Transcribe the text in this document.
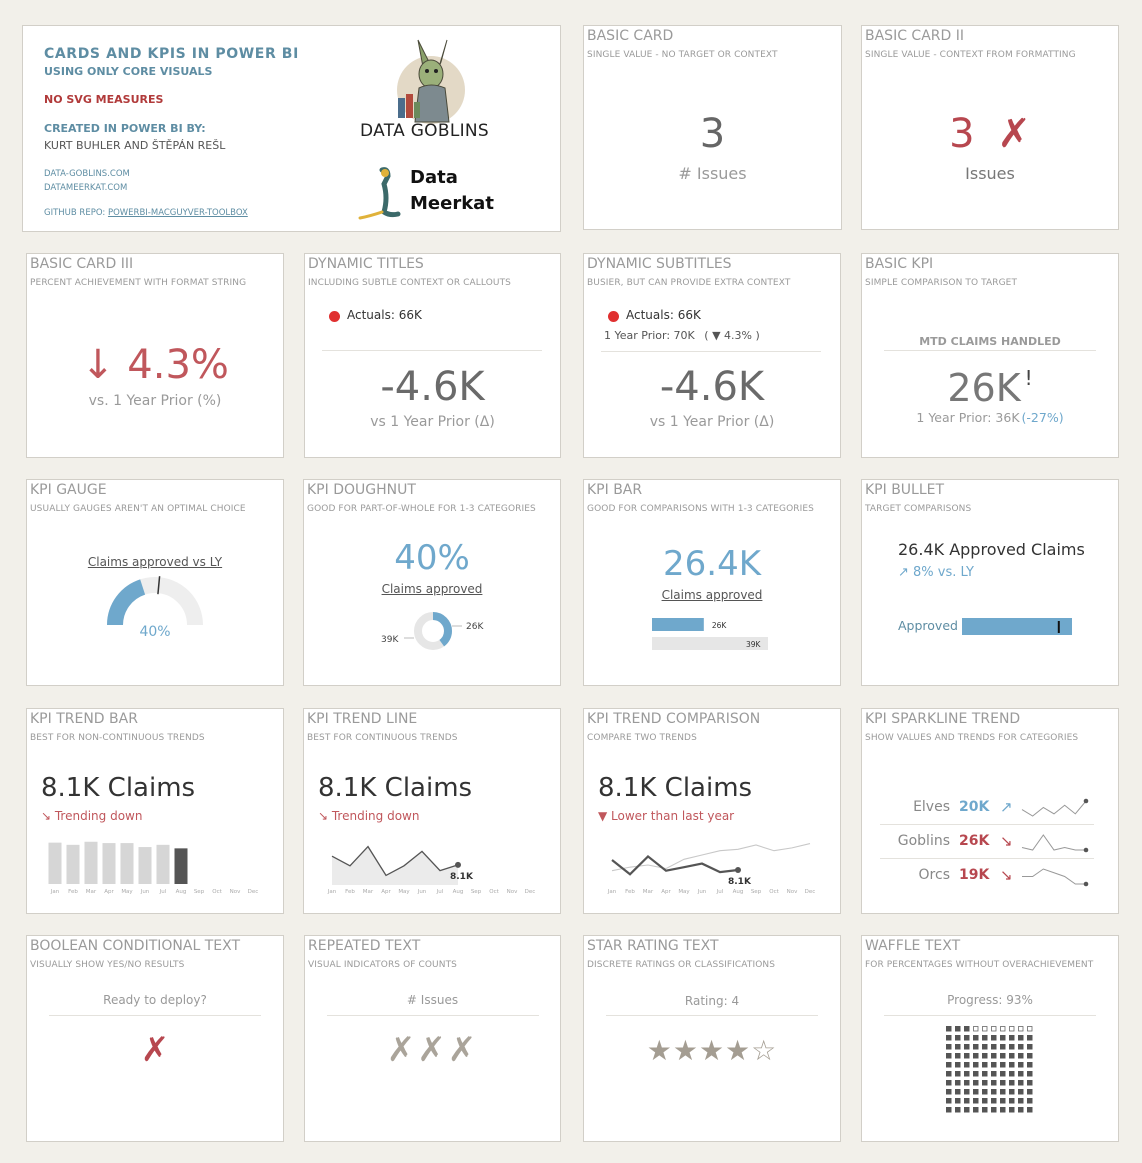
CARDS AND KPIS IN POWER BI
USING ONLY CORE VISUALS
NO SVG MEASURES
CREATED IN POWER BI BY:
KURT BUHLER AND ŠTĚPÁN REŠL
DATA-GOBLINS.COM
DATAMEERKAT.COM
GITHUB REPO: POWERBI-MACGUYVER-TOOLBOX
DATA GOBLINS
Data
Meerkat
BASIC CARD
SINGLE VALUE - NO TARGET OR CONTEXT
3
# Issues
BASIC CARD II
SINGLE VALUE - CONTEXT FROM FORMATTING
3 ✗
Issues
BASIC CARD III
PERCENT ACHIEVEMENT WITH FORMAT STRING
↓ 4.3%
vs. 1 Year Prior (%)
DYNAMIC TITLES
INCLUDING SUBTLE CONTEXT OR CALLOUTS
Actuals: 66K
-4.6K
vs 1 Year Prior (Δ)
DYNAMIC SUBTITLES
BUSIER, BUT CAN PROVIDE EXTRA CONTEXT
Actuals: 66K
1 Year Prior: 70K ( ▼ 4.3% )
-4.6K
vs 1 Year Prior (Δ)
BASIC KPI
SIMPLE COMPARISON TO TARGET
MTD CLAIMS HANDLED
26K !
1 Year Prior: 36K (-27%)
KPI GAUGE
USUALLY GAUGES AREN'T AN OPTIMAL CHOICE
Claims approved vs LY
40%
KPI DOUGHNUT
GOOD FOR PART-OF-WHOLE FOR 1-3 CATEGORIES
40%
Claims approved
26K
39K
KPI BAR
GOOD FOR COMPARISONS WITH 1-3 CATEGORIES
26.4K
Claims approved
26K
39K
KPI BULLET
TARGET COMPARISONS
26.4K Approved Claims
↗ 8% vs. LY
Approved
KPI TREND BAR
BEST FOR NON-CONTINUOUS TRENDS
8.1K Claims
↘ Trending down
Jan Feb Mar Apr May Jun Jul Aug Sep Oct Nov Dec
KPI TREND LINE
BEST FOR CONTINUOUS TRENDS
8.1K Claims
↘ Trending down
8.1K
Jan Feb Mar Apr May Jun Jul Aug Sep Oct Nov Dec
KPI TREND COMPARISON
COMPARE TWO TRENDS
8.1K Claims
▼ Lower than last year
8.1K
Jan Feb Mar Apr May Jun Jul Aug Sep Oct Nov Dec
KPI SPARKLINE TREND
SHOW VALUES AND TRENDS FOR CATEGORIES
Elves 20K ↗
Goblins 26K ↘
Orcs 19K ↘
BOOLEAN CONDITIONAL TEXT
VISUALLY SHOW YES/NO RESULTS
Ready to deploy?
✗
REPEATED TEXT
VISUAL INDICATORS OF COUNTS
# Issues
✗✗✗
STAR RATING TEXT
DISCRETE RATINGS OR CLASSIFICATIONS
Rating: 4
★★★★☆
WAFFLE TEXT
FOR PERCENTAGES WITHOUT OVERACHIEVEMENT
Progress: 93%
